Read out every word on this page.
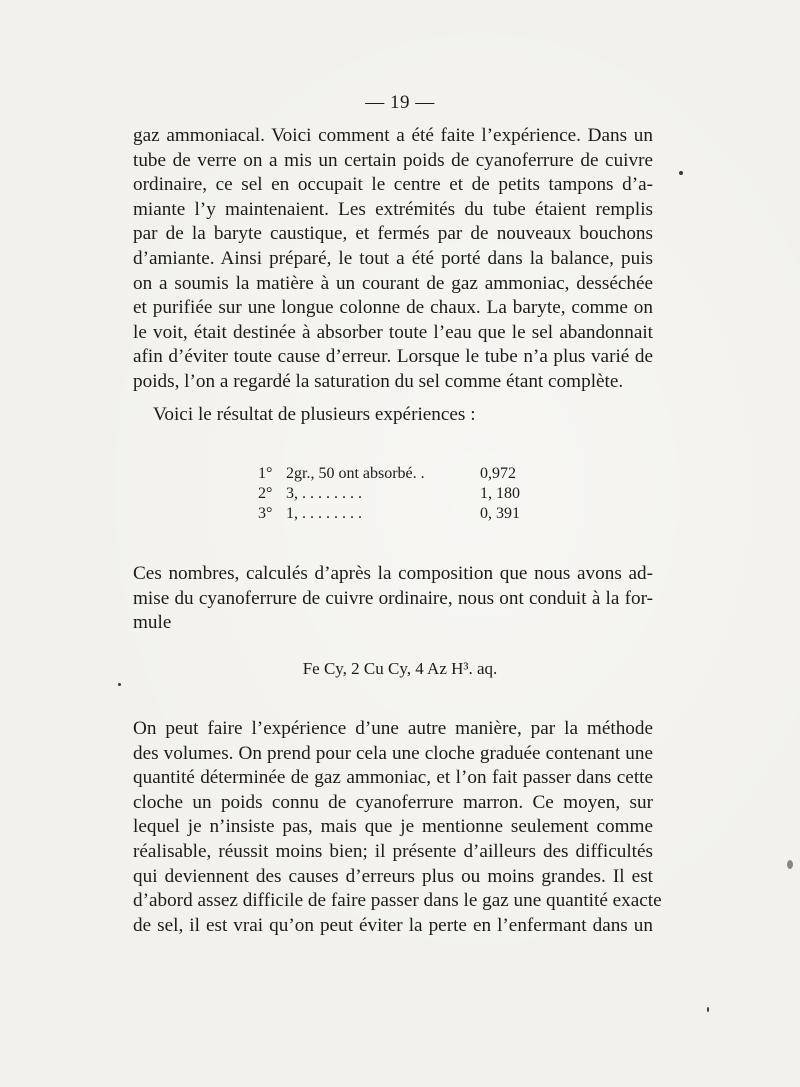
— 19 —
gaz ammoniacal. Voici comment a été faite l’expérience. Dans un
tube de verre on a mis un certain poids de cyanoferrure de cuivre
ordinaire, ce sel en occupait le centre et de petits tampons d’a-
miante l’y maintenaient. Les extrémités du tube étaient remplis
par de la baryte caustique, et fermés par de nouveaux bouchons
d’amiante. Ainsi préparé, le tout a été porté dans la balance, puis
on a soumis la matière à un courant de gaz ammoniac, desséchée
et purifiée sur une longue colonne de chaux. La baryte, comme on
le voit, était destinée à absorber toute l’eau que le sel abandonnait
afin d’éviter toute cause d’erreur. Lorsque le tube n’a plus varié de
poids, l’on a regardé la saturation du sel comme étant complète.
Voici le résultat de plusieurs expériences :
1° 2gr., 50 ont absorbé. .	0,972
2° 3, . . . . . . . .	1, 180
3° 1, . . . . . . . .	0, 391
Ces nombres, calculés d’après la composition que nous avons ad-
mise du cyanoferrure de cuivre ordinaire, nous ont conduit à la for-
mule
Fe Cy, 2 Cu Cy, 4 Az H³. aq.
On peut faire l’expérience d’une autre manière, par la méthode
des volumes. On prend pour cela une cloche graduée contenant une
quantité déterminée de gaz ammoniac, et l’on fait passer dans cette
cloche un poids connu de cyanoferrure marron. Ce moyen, sur
lequel je n’insiste pas, mais que je mentionne seulement comme
réalisable, réussit moins bien; il présente d’ailleurs des difficultés
qui deviennent des causes d’erreurs plus ou moins grandes. Il est
d’abord assez difficile de faire passer dans le gaz une quantité exacte
de sel, il est vrai qu’on peut éviter la perte en l’enfermant dans un
